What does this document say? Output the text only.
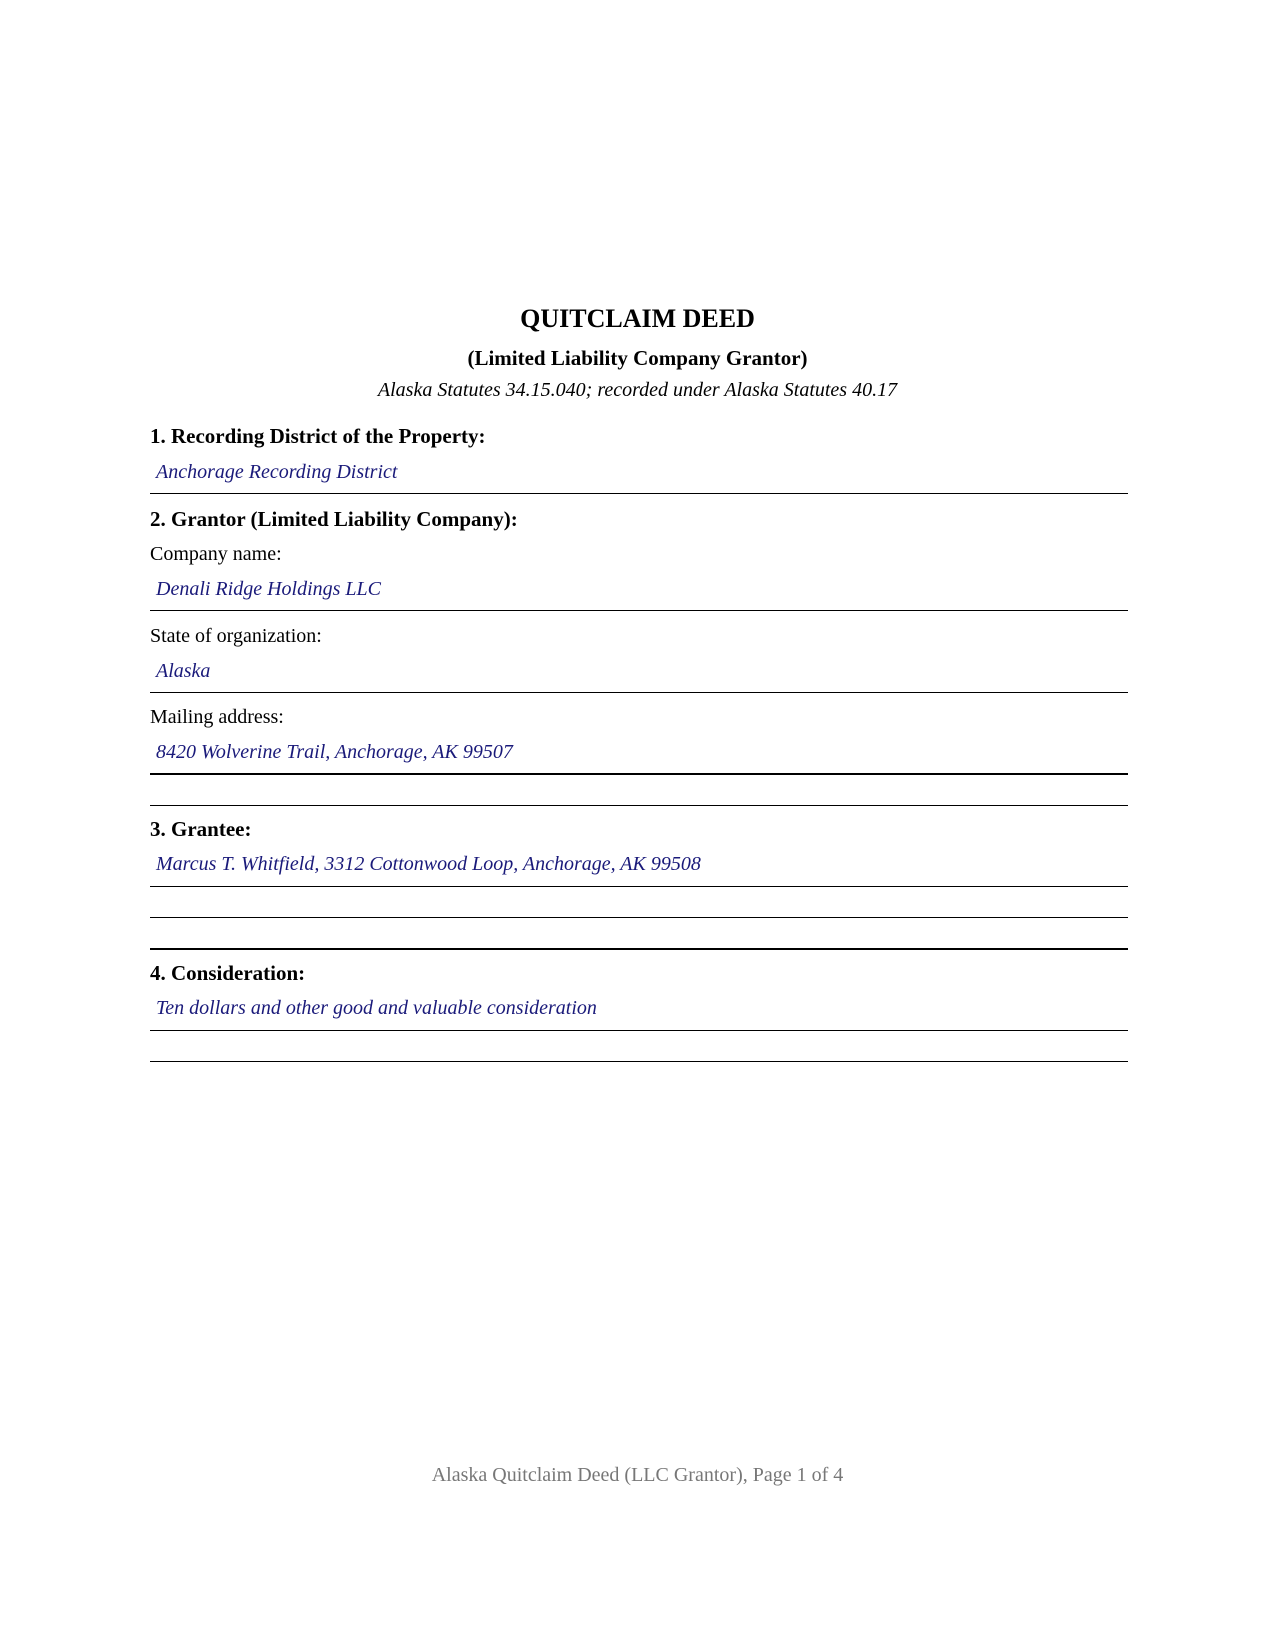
QUITCLAIM DEED
(Limited Liability Company Grantor)
Alaska Statutes 34.15.040; recorded under Alaska Statutes 40.17
1. Recording District of the Property:
Anchorage Recording District
2. Grantor (Limited Liability Company):
Company name:
Denali Ridge Holdings LLC
State of organization:
Alaska
Mailing address:
8420 Wolverine Trail, Anchorage, AK 99507
3. Grantee:
Marcus T. Whitfield, 3312 Cottonwood Loop, Anchorage, AK 99508
4. Consideration:
Ten dollars and other good and valuable consideration
Alaska Quitclaim Deed (LLC Grantor), Page 1 of 4
